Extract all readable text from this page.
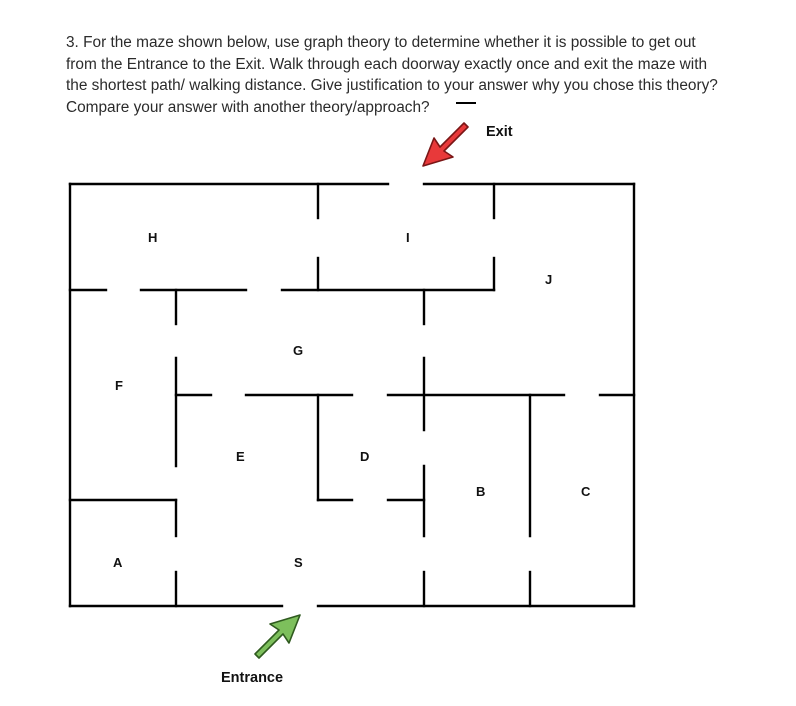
3. For the maze shown below, use graph theory to determine whether it is possible to get out
from the Entrance to the Exit. Walk through each doorway exactly once and exit the maze with
the shortest path/ walking distance. Give justification to your answer why you chose this theory?
Compare your answer with another theory/approach?
H	I
J
G
F
E	D
B	C
A	S
Exit
Entrance
